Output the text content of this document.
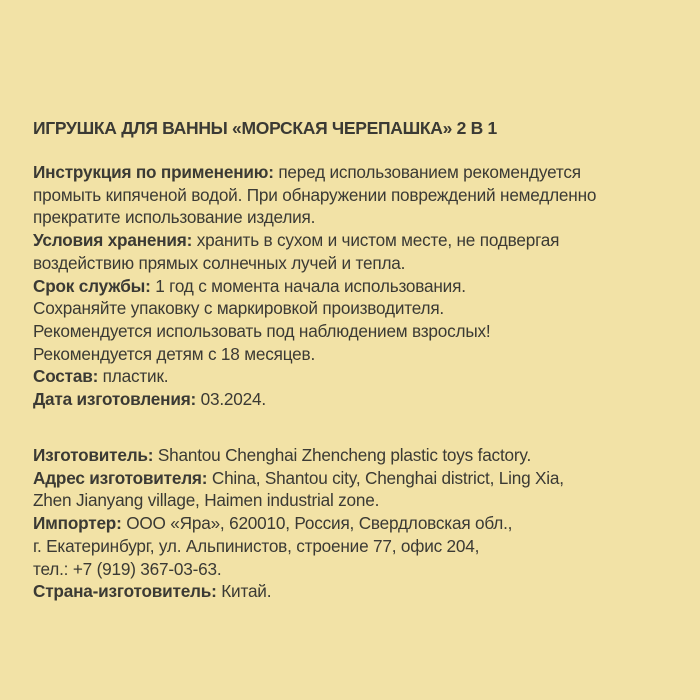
ИГРУШКА ДЛЯ ВАННЫ «МОРСКАЯ ЧЕРЕПАШКА» 2 В 1
Инструкция по применению: перед использованием рекомендуется
промыть кипяченой водой. При обнаружении повреждений немедленно
прекратите использование изделия.
Условия хранения: хранить в сухом и чистом месте, не подвергая
воздействию прямых солнечных лучей и тепла.
Срок службы: 1 год с момента начала использования.
Сохраняйте упаковку с маркировкой производителя.
Рекомендуется использовать под наблюдением взрослых!
Рекомендуется детям с 18 месяцев.
Состав: пластик.
Дата изготовления: 03.2024.
Изготовитель: Shantou Chenghai Zhencheng plastic toys factory.
Адрес изготовителя: China, Shantou city, Chenghai district, Ling Xia,
Zhen Jianyang village, Haimen industrial zone.
Импортер: ООО «Яра», 620010, Россия, Свердловская обл.,
г. Екатеринбург, ул. Альпинистов, строение 77, офис 204,
тел.: +7 (919) 367-03-63.
Страна-изготовитель: Китай.
